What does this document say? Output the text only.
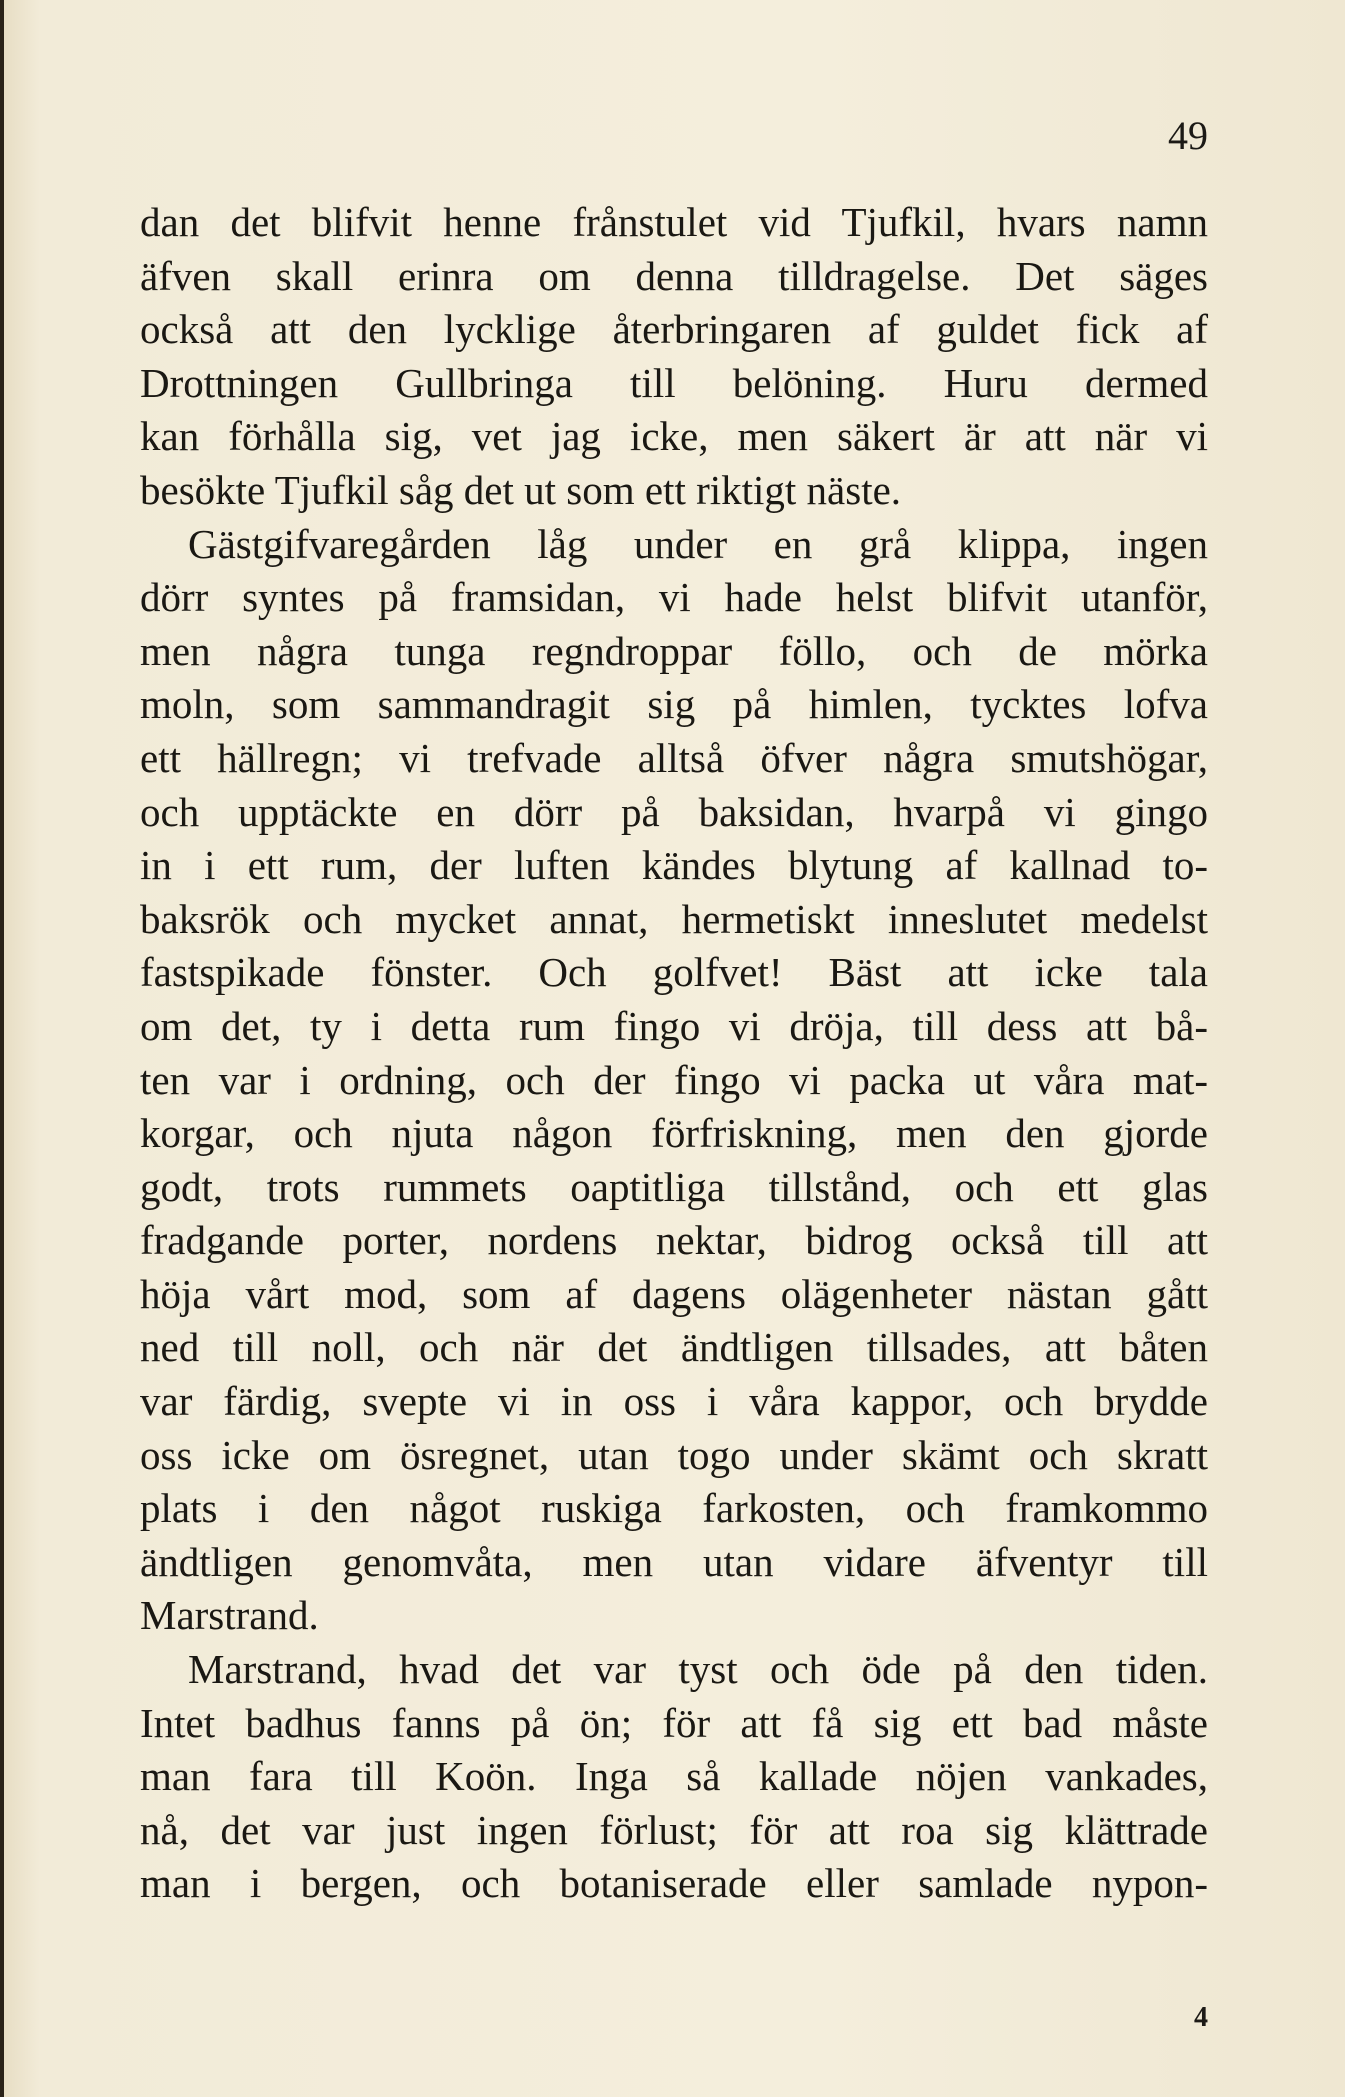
49
dan det blifvit henne frånstulet vid Tjufkil, hvars namn
äfven skall erinra om denna tilldragelse. Det säges
också att den lycklige återbringaren af guldet fick af
Drottningen Gullbringa till belöning. Huru dermed
kan förhålla sig, vet jag icke, men säkert är att när vi
besökte Tjufkil såg det ut som ett riktigt näste.
Gästgifvaregården låg under en grå klippa, ingen
dörr syntes på framsidan, vi hade helst blifvit utanför,
men några tunga regndroppar föllo, och de mörka
moln, som sammandragit sig på himlen, tycktes lofva
ett hällregn; vi trefvade alltså öfver några smutshögar,
och upptäckte en dörr på baksidan, hvarpå vi gingo
in i ett rum, der luften kändes blytung af kallnad to-
baksrök och mycket annat, hermetiskt inneslutet medelst
fastspikade fönster. Och golfvet! Bäst att icke tala
om det, ty i detta rum fingo vi dröja, till dess att bå-
ten var i ordning, och der fingo vi packa ut våra mat-
korgar, och njuta någon förfriskning, men den gjorde
godt, trots rummets oaptitliga tillstånd, och ett glas
fradgande porter, nordens nektar, bidrog också till att
höja vårt mod, som af dagens olägenheter nästan gått
ned till noll, och när det ändtligen tillsades, att båten
var färdig, svepte vi in oss i våra kappor, och brydde
oss icke om ösregnet, utan togo under skämt och skratt
plats i den något ruskiga farkosten, och framkommo
ändtligen genomvåta, men utan vidare äfventyr till
Marstrand.
Marstrand, hvad det var tyst och öde på den tiden.
Intet badhus fanns på ön; för att få sig ett bad måste
man fara till Koön. Inga så kallade nöjen vankades,
nå, det var just ingen förlust; för att roa sig klättrade
man i bergen, och botaniserade eller samlade nypon-
4
